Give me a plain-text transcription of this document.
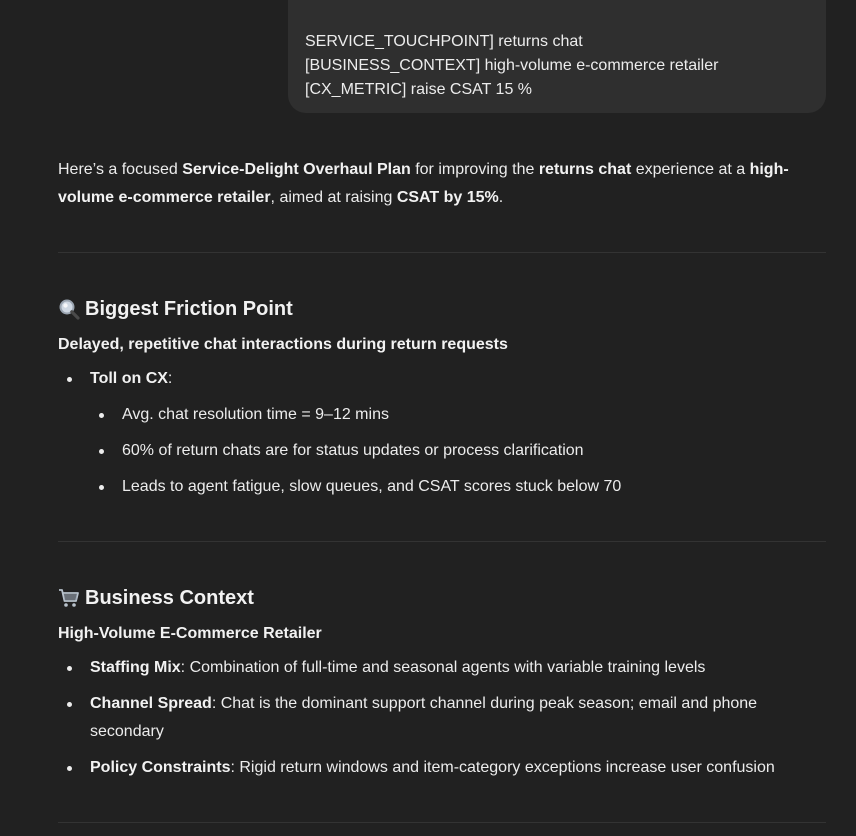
SERVICE_TOUCHPOINT] returns chat
[BUSINESS_CONTEXT] high-volume e-commerce retailer
[CX_METRIC] raise CSAT 15 %

Here’s a focused Service-Delight Overhaul Plan for improving the returns chat experience at a high-volume e-commerce retailer, aimed at raising CSAT by 15%.

Biggest Friction Point

Delayed, repetitive chat interactions during return requests

Toll on CX:
Avg. chat resolution time = 9–12 mins
60% of return chats are for status updates or process clarification
Leads to agent fatigue, slow queues, and CSAT scores stuck below 70
Business Context

High-Volume E-Commerce Retailer

Staffing Mix: Combination of full-time and seasonal agents with variable training levels
Channel Spread: Chat is the dominant support channel during peak season; email and phone secondary
Policy Constraints: Rigid return windows and item-category exceptions increase user confusion
